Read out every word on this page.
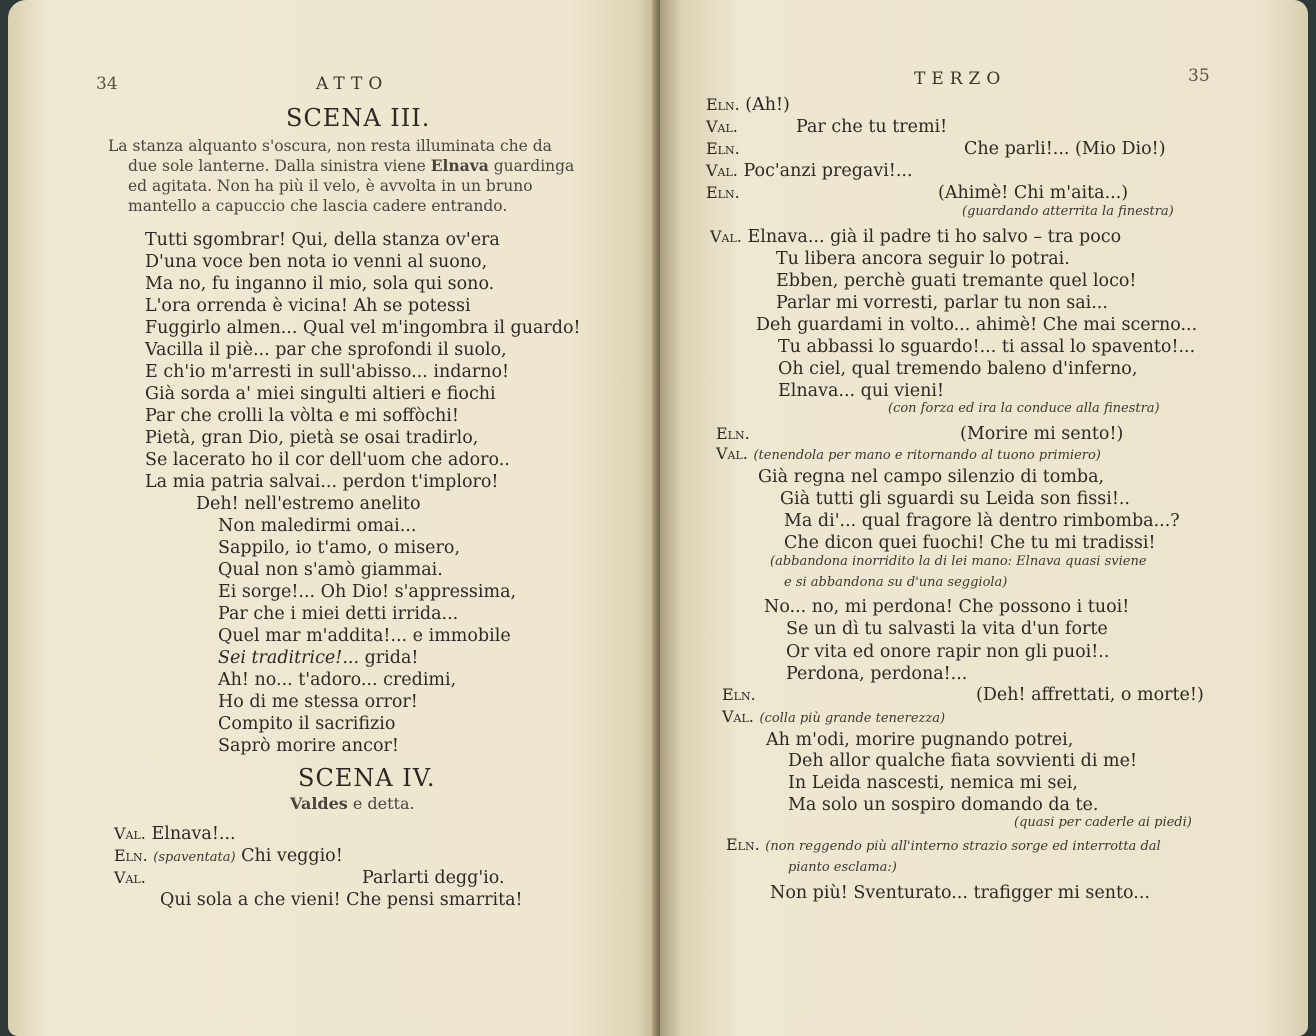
34	ATTO
SCENA III.
La stanza alquanto s'oscura, non resta illuminata che da
due sole lanterne. Dalla sinistra viene Elnava guardinga
ed agitata. Non ha più il velo, è avvolta in un bruno
mantello a capuccio che lascia cadere entrando.
Tutti sgombrar! Qui, della stanza ov'era
D'una voce ben nota io venni al suono,
Ma no, fu inganno il mio, sola qui sono.
L'ora orrenda è vicina! Ah se potessi
Fuggirlo almen... Qual vel m'ingombra il guardo!
Vacilla il piè... par che sprofondi il suolo,
E ch'io m'arresti in sull'abisso... indarno!
Già sorda a' miei singulti altieri e fiochi
Par che crolli la vòlta e mi soffòchi!
Pietà, gran Dio, pietà se osai tradirlo,
Se lacerato ho il cor dell'uom che adoro..
La mia patria salvai... perdon t'imploro!
Deh! nell'estremo anelito
Non maledirmi omai...
Sappilo, io t'amo, o misero,
Qual non s'amò giammai.
Ei sorge!... Oh Dio! s'appressima,
Par che i miei detti irrida...
Quel mar m'addita!... e immobile
Sei traditrice!... grida!
Ah! no... t'adoro... credimi,
Ho di me stessa orror!
Compito il sacrifizio
Saprò morire ancor!
SCENA IV.
Valdes e detta.
Val. Elnava!...
Eln. (spaventata) Chi veggio!
Val.	Parlarti degg'io.
Qui sola a che vieni! Che pensi smarrita!
TERZO	35
Eln. (Ah!)
Val.	Par che tu tremi!
Eln.	Che parli!... (Mio Dio!)
Val. Poc'anzi pregavi!...
Eln.	(Ahimè! Chi m'aita...)
(guardando atterrita la finestra)
Val. Elnava... già il padre ti ho salvo – tra poco
Tu libera ancora seguir lo potrai.
Ebben, perchè guati tremante quel loco!
Parlar mi vorresti, parlar tu non sai...
Deh guardami in volto... ahimè! Che mai scerno...
Tu abbassi lo sguardo!... ti assal lo spavento!...
Oh ciel, qual tremendo baleno d'inferno,
Elnava... qui vieni!
(con forza ed ira la conduce alla finestra)
Eln.	(Morire mi sento!)
Val. (tenendola per mano e ritornando al tuono primiero)
Già regna nel campo silenzio di tomba,
Già tutti gli sguardi su Leida son fissi!..
Ma di'... qual fragore là dentro rimbomba...?
Che dicon quei fuochi! Che tu mi tradissi!
(abbandona inorridito la di lei mano: Elnava quasi sviene
e si abbandona su d'una seggiola)
No... no, mi perdona! Che possono i tuoi!
Se un dì tu salvasti la vita d'un forte
Or vita ed onore rapir non gli puoi!..
Perdona, perdona!...
Eln.	(Deh! affrettati, o morte!)
Val. (colla più grande tenerezza)
Ah m'odi, morire pugnando potrei,
Deh allor qualche fiata sovvienti di me!
In Leida nascesti, nemica mi sei,
Ma solo un sospiro domando da te.
(quasi per caderle ai piedi)
Eln. (non reggendo più all'interno strazio sorge ed interrotta dal
pianto esclama:)
Non più! Sventurato... trafigger mi sento...
